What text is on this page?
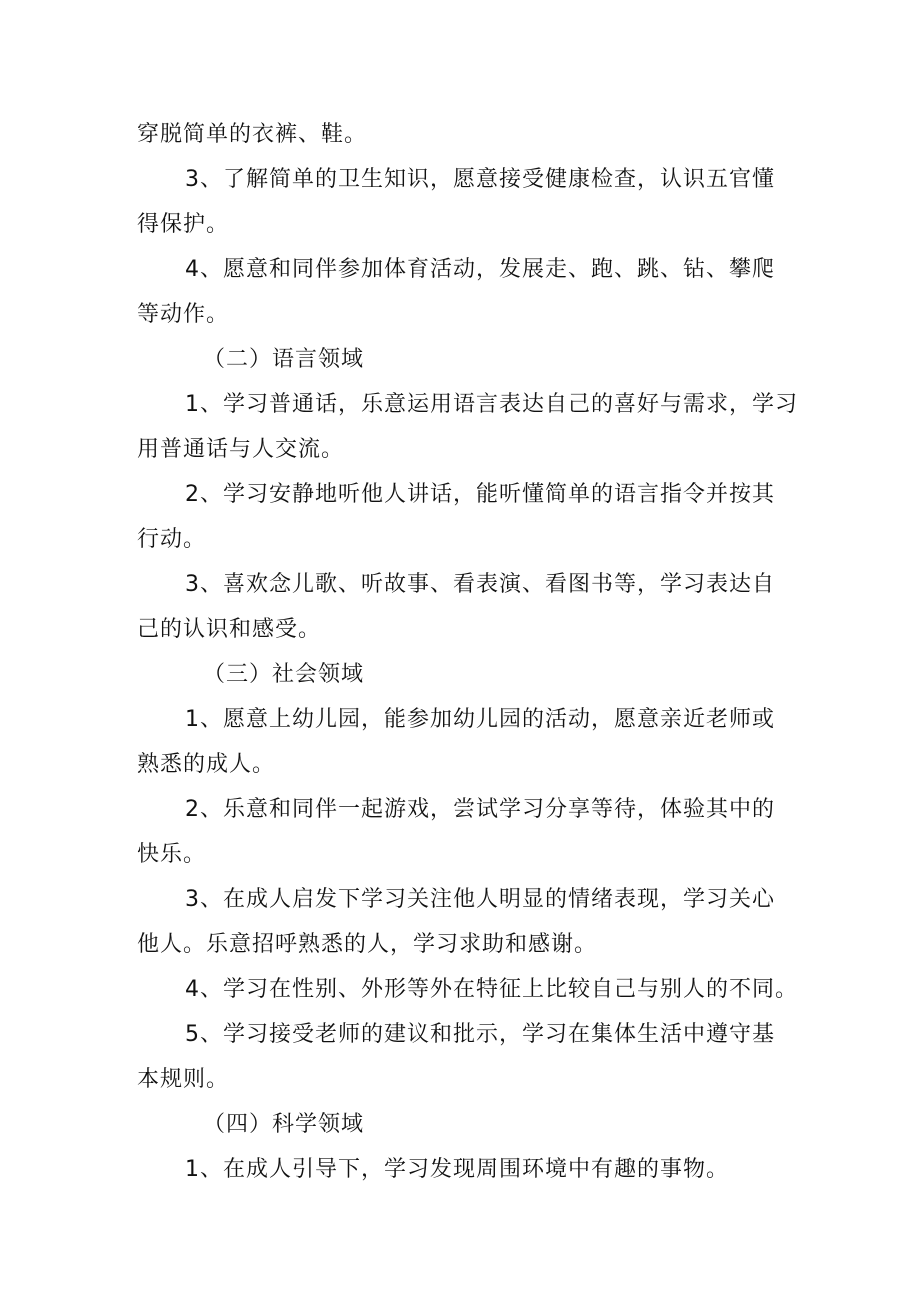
穿脱简单的衣裤、鞋。
3、了解简单的卫生知识，愿意接受健康检查，认识五官懂
得保护。
4、愿意和同伴参加体育活动，发展走、跑、跳、钻、攀爬
等动作。
（二）语言领域
1、学习普通话，乐意运用语言表达自己的喜好与需求，学习
用普通话与人交流。
2、学习安静地听他人讲话，能听懂简单的语言指令并按其
行动。
3、喜欢念儿歌、听故事、看表演、看图书等，学习表达自
己的认识和感受。
（三）社会领域
1、愿意上幼儿园，能参加幼儿园的活动，愿意亲近老师或
熟悉的成人。
2、乐意和同伴一起游戏，尝试学习分享等待，体验其中的
快乐。
3、在成人启发下学习关注他人明显的情绪表现，学习关心
他人。乐意招呼熟悉的人，学习求助和感谢。
4、学习在性别、外形等外在特征上比较自己与别人的不同。
5、学习接受老师的建议和批示，学习在集体生活中遵守基
本规则。
（四）科学领域
1、在成人引导下，学习发现周围环境中有趣的事物。
